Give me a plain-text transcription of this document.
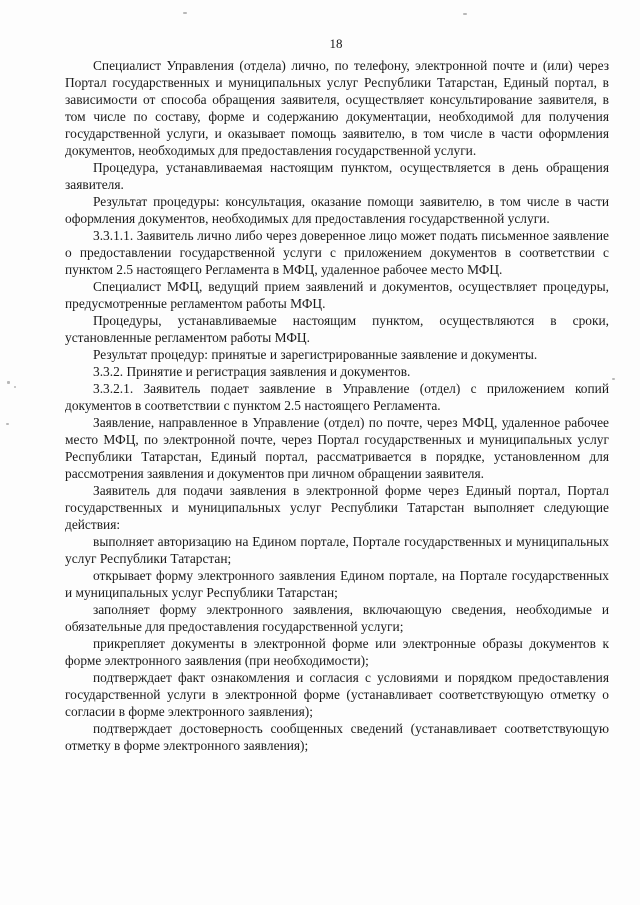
18

Специалист Управления (отдела) лично, по телефону, электронной почте и (или) через Портал государственных и муниципальных услуг Республики Татарстан, Единый портал, в зависимости от способа обращения заявителя, осуществляет консультирование заявителя, в том числе по составу, форме и содержанию документации, необходимой для получения государственной услуги, и оказывает помощь заявителю, в том числе в части оформления документов, необходимых для предоставления государственной услуги.

Процедура, устанавливаемая настоящим пунктом, осуществляется в день обращения заявителя.

Результат процедуры: консультация, оказание помощи заявителю, в том числе в части оформления документов, необходимых для предоставления государственной услуги.

3.3.1.1. Заявитель лично либо через доверенное лицо может подать письменное заявление о предоставлении государственной услуги с приложением документов в соответствии с пунктом 2.5 настоящего Регламента в МФЦ, удаленное рабочее место МФЦ.

Специалист МФЦ, ведущий прием заявлений и документов, осуществляет процедуры, предусмотренные регламентом работы МФЦ.

Процедуры, устанавливаемые настоящим пунктом, осуществляются в сроки, установленные регламентом работы МФЦ.

Результат процедур: принятые и зарегистрированные заявление и документы.

3.3.2. Принятие и регистрация заявления и документов.

3.3.2.1. Заявитель подает заявление в Управление (отдел) с приложением копий документов в соответствии с пунктом 2.5 настоящего Регламента.

Заявление, направленное в Управление (отдел) по почте, через МФЦ, удаленное рабочее место МФЦ, по электронной почте, через Портал государственных и муниципальных услуг Республики Татарстан, Единый портал, рассматривается в порядке, установленном для рассмотрения заявления и документов при личном обращении заявителя.

Заявитель для подачи заявления в электронной форме через Единый портал, Портал государственных и муниципальных услуг Республики Татарстан выполняет следующие действия:

выполняет авторизацию на Едином портале, Портале государственных и муниципальных услуг Республики Татарстан;

открывает форму электронного заявления Едином портале, на Портале государственных и муниципальных услуг Республики Татарстан;

заполняет форму электронного заявления, включающую сведения, необходимые и обязательные для предоставления государственной услуги;

прикрепляет документы в электронной форме или электронные образы документов к форме электронного заявления (при необходимости);

подтверждает факт ознакомления и согласия с условиями и порядком предоставления государственной услуги в электронной форме (устанавливает соответствующую отметку о согласии в форме электронного заявления);

подтверждает достоверность сообщенных сведений (устанавливает соответствующую отметку в форме электронного заявления);
